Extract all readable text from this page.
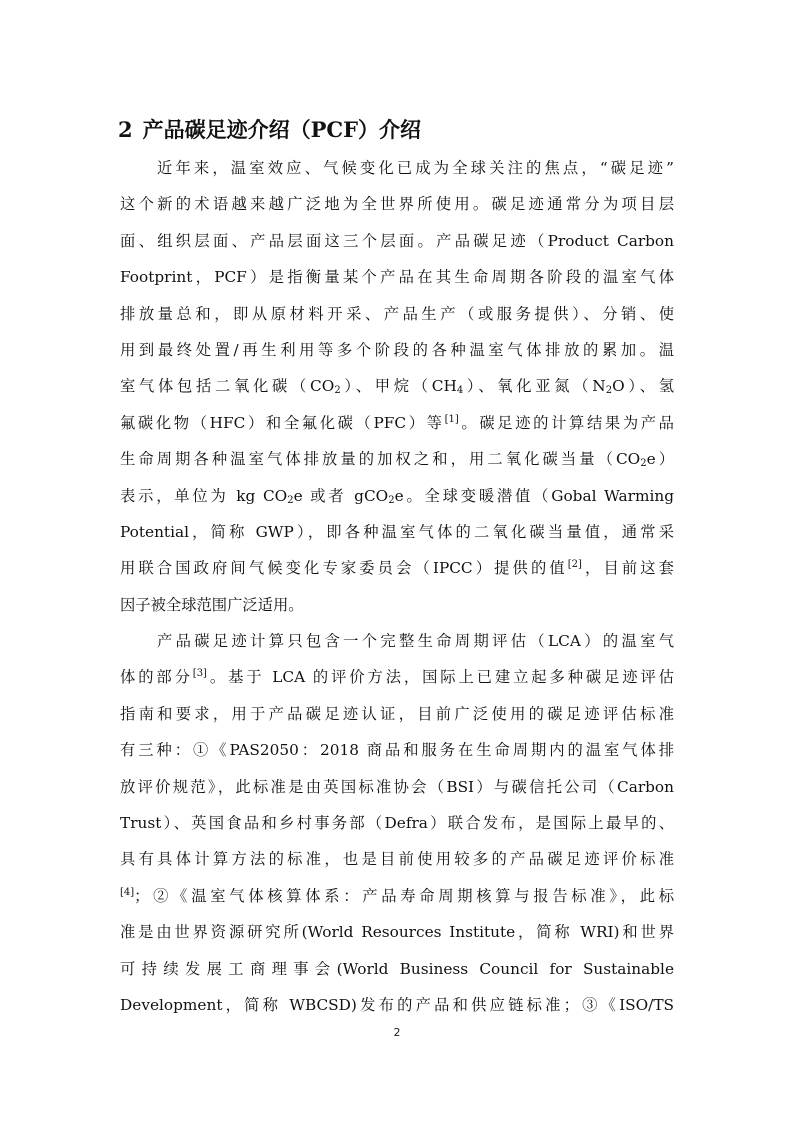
2 产品碳足迹介绍（PCF）介绍
近年来，温室效应、气候变化已成为全球关注的焦点，“碳足迹”
这个新的术语越来越广泛地为全世界所使用。碳足迹通常分为项目层
面、组织层面、产品层面这三个层面。产品碳足迹（Product Carbon
Footprint，PCF）是指衡量某个产品在其生命周期各阶段的温室气体
排放量总和，即从原材料开采、产品生产（或服务提供）、分销、使
用到最终处置/再生利用等多个阶段的各种温室气体排放的累加。温
室气体包括二氧化碳$(CO_2)$、甲烷$(CH_4)$、氧化亚氮$(N_2O)$、氢
氟碳化物（HFC）和全氟化碳（PFC）等[1]。碳足迹的计算结果为产品
生命周期各种温室气体排放量的加权之和，用二氧化碳当量$(CO_2e)$
表示，单位为 kg $CO_2e$ 或者 gCO$_2$e。全球变暖潜值（Gobal Warming
Potential，简称 GWP），即各种温室气体的二氧化碳当量值，通常采
用联合国政府间气候变化专家委员会（IPCC）提供的值[2]，目前这套
因子被全球范围广泛适用。
产品碳足迹计算只包含一个完整生命周期评估（LCA）的温室气
体的部分[3]。基于 LCA 的评价方法，国际上已建立起多种碳足迹评估
指南和要求，用于产品碳足迹认证，目前广泛使用的碳足迹评估标准
有三种：①《PAS2050：2018 商品和服务在生命周期内的温室气体排
放评价规范》，此标准是由英国标准协会（BSI）与碳信托公司（Carbon
Trust）、英国食品和乡村事务部（Defra）联合发布，是国际上最早的、
具有具体计算方法的标准，也是目前使用较多的产品碳足迹评价标准
[4]；②《温室气体核算体系：产品寿命周期核算与报告标准》，此标
准是由世界资源研究所(World Resources Institute，简称 WRI)和世界
可持续发展工商理事会(World Business Council for Sustainable
Development，简称 WBCSD)发布的产品和供应链标准；③《ISO/TS
2
